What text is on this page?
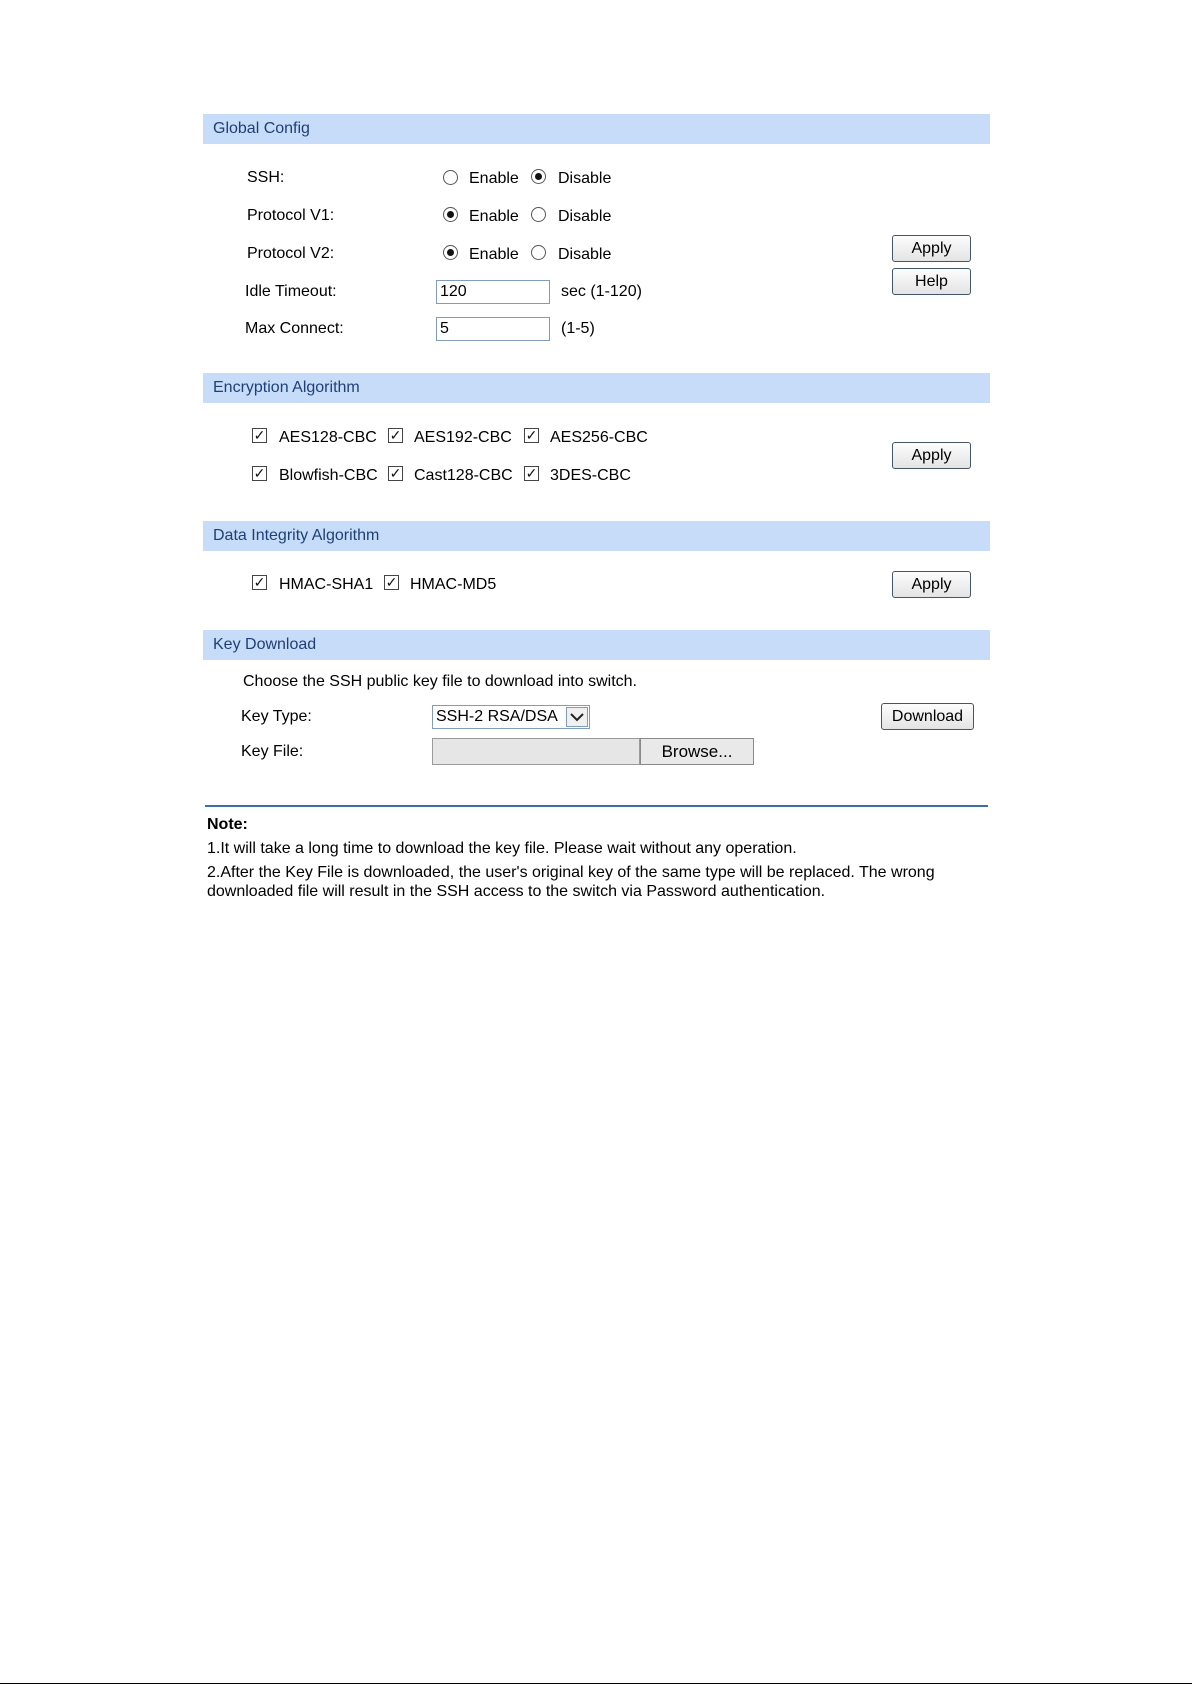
Global Config
SSH:	Enable Disable
Protocol V1:	Enable Disable
Protocol V2:	Enable Disable
Idle Timeout:	120	sec (1-120)
Max Connect:	5	(1-5)
Apply
Help
Encryption Algorithm
✓ AES128-CBC ✓ AES192-CBC ✓ AES256-CBC
✓ Blowfish-CBC ✓ Cast128-CBC ✓ 3DES-CBC
Apply
Data Integrity Algorithm
✓ HMAC-SHA1 ✓ HMAC-MD5	Apply
Key Download
Choose the SSH public key file to download into switch.
Key Type:	SSH-2 RSA/DSA
Key File:	Browse...
Download
Note:
1.It will take a long time to download the key file. Please wait without any operation.
2.After the Key File is downloaded, the user's original key of the same type will be replaced. The wrong downloaded file will result in the SSH access to the switch via Password authentication.
